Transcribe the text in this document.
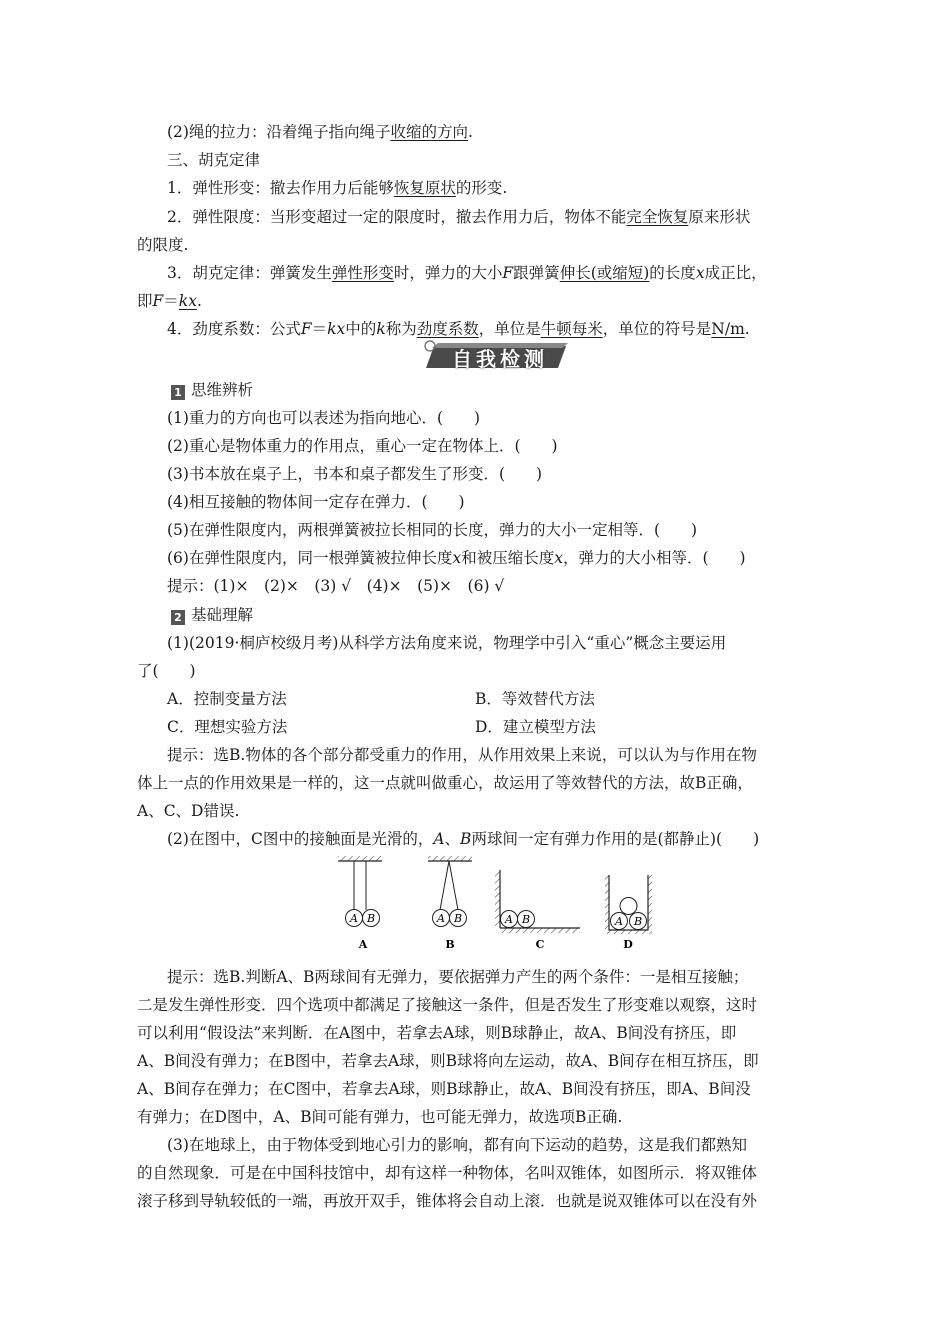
(2)绳的拉力：沿着绳子指向绳子收缩的方向.
三、胡克定律
1．弹性形变：撤去作用力后能够恢复原状的形变.
2．弹性限度：当形变超过一定的限度时，撤去作用力后，物体不能完全恢复原来形状
的限度.
3．胡克定律：弹簧发生弹性形变时，弹力的大小F跟弹簧伸长(或缩短)的长度x成正比，
即F＝kx.
4．劲度系数：公式F＝kx中的k称为劲度系数，单位是牛顿每米，单位的符号是N/m.
自我检测
1 思维辨析
(1)重力的方向也可以表述为指向地心．(　　)
(2)重心是物体重力的作用点，重心一定在物体上．(　　)
(3)书本放在桌子上，书本和桌子都发生了形变．(　　)
(4)相互接触的物体间一定存在弹力．(　　)
(5)在弹性限度内，两根弹簧被拉长相同的长度，弹力的大小一定相等．(　　)
(6)在弹性限度内，同一根弹簧被拉伸长度x和被压缩长度x，弹力的大小相等．(　　)
提示：(1)×　(2)×　(3) √　(4)×　(5)×　(6) √
2 基础理解
(1)(2019·桐庐校级月考)从科学方法角度来说，物理学中引入“重心”概念主要运用
了(　　)
A．控制变量方法	B．等效替代方法
C．理想实验方法	D．建立模型方法
提示：选B.物体的各个部分都受重力的作用，从作用效果上来说，可以认为与作用在物
体上一点的作用效果是一样的，这一点就叫做重心，故运用了等效替代的方法，故B正确，
A、C、D错误.
(2)在图中，C图中的接触面是光滑的，A、B两球间一定有弹力作用的是(都静止)(　　)
A B
A
A B
B
A B
C
A B
D
提示：选B.判断A、B两球间有无弹力，要依据弹力产生的两个条件：一是相互接触；
二是发生弹性形变．四个选项中都满足了接触这一条件，但是否发生了形变难以观察，这时
可以利用“假设法”来判断．在A图中，若拿去A球，则B球静止，故A、B间没有挤压，即
A、B间没有弹力；在B图中，若拿去A球，则B球将向左运动，故A、B间存在相互挤压，即
A、B间存在弹力；在C图中，若拿去A球，则B球静止，故A、B间没有挤压，即A、B间没
有弹力；在D图中，A、B间可能有弹力，也可能无弹力，故选项B正确.
(3)在地球上，由于物体受到地心引力的影响，都有向下运动的趋势，这是我们都熟知
的自然现象．可是在中国科技馆中，却有这样一种物体，名叫双锥体，如图所示．将双锥体
滚子移到导轨较低的一端，再放开双手，锥体将会自动上滚．也就是说双锥体可以在没有外
